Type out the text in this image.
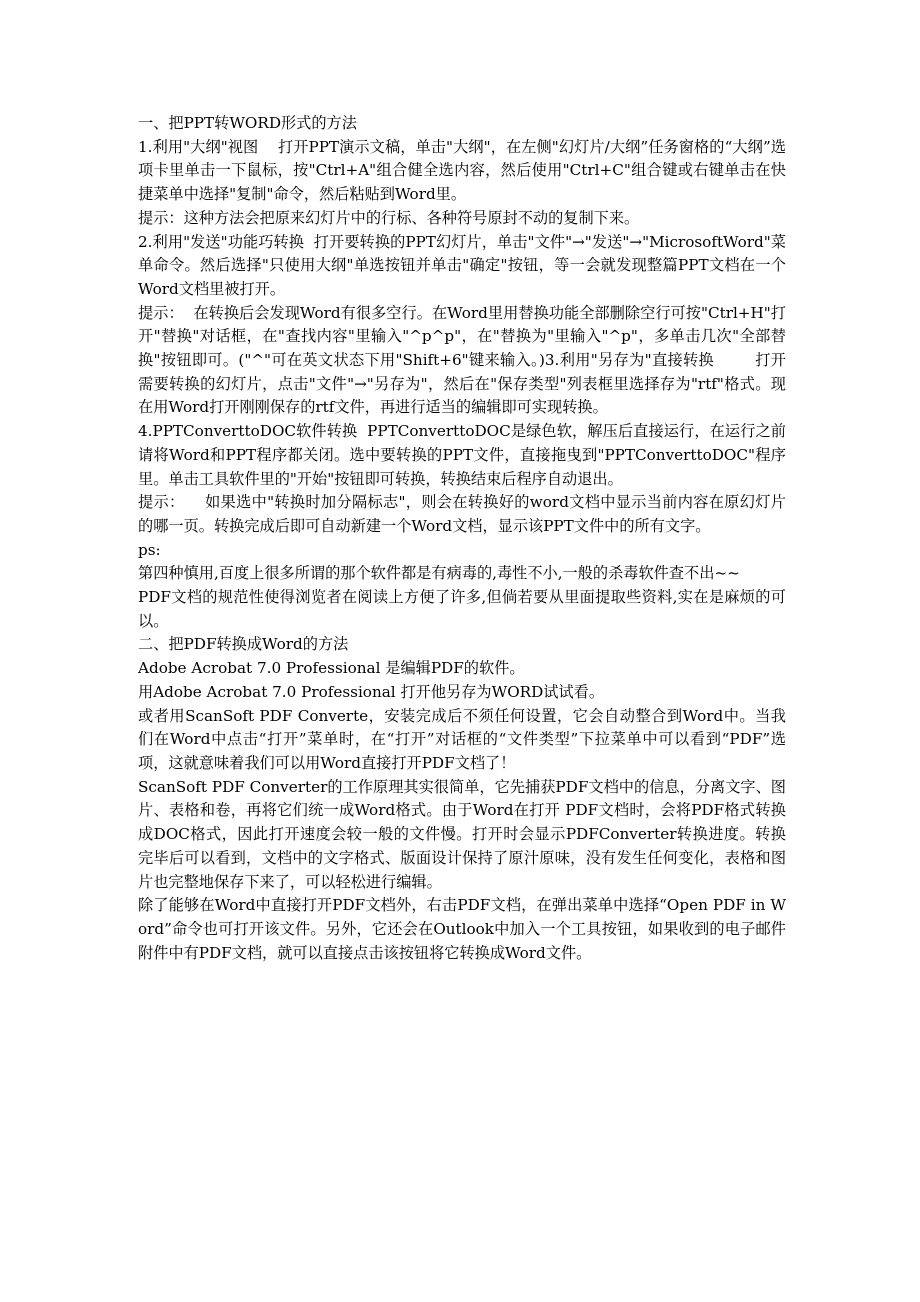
一、把PPT转WORD形式的方法

1.利用"大纲"视图    打开PPT演示文稿，单击"大纲"，在左侧"幻灯片/大纲”任务窗格的“大纲”选项卡里单击一下鼠标，按"Ctrl+A"组合健全选内容，然后使用"Ctrl+C"组合键或右键单击在快捷菜单中选择"复制"命令，然后粘贴到Word里。

提示：这种方法会把原来幻灯片中的行标、各种符号原封不动的复制下来。

2.利用"发送"功能巧转换  打开要转换的PPT幻灯片，单击"文件"→"发送"→"MicrosoftWord"菜单命令。然后选择"只使用大纲"单选按钮并单击"确定"按钮，等一会就发现整篇PPT文档在一个Word文档里被打开。

提示：  在转换后会发现Word有很多空行。在Word里用替换功能全部删除空行可按"Ctrl+H"打开"替换"对话框，在"查找内容"里输入"^p^p"，在"替换为"里输入"^p"，多单击几次"全部替换"按钮即可。("^"可在英文状态下用"Shift+6"键来输入。)3.利用"另存为"直接转换        打开需要转换的幻灯片，点击"文件"→"另存为"，然后在"保存类型"列表框里选择存为"rtf"格式。现在用Word打开刚刚保存的rtf文件，再进行适当的编辑即可实现转换。

4.PPTConverttoDOC软件转换  PPTConverttoDOC是绿色软，解压后直接运行，在运行之前请将Word和PPT程序都关闭。选中要转换的PPT文件，直接拖曳到"PPTConverttoDOC"程序里。单击工具软件里的"开始"按钮即可转换，转换结束后程序自动退出。

提示：    如果选中"转换时加分隔标志"，则会在转换好的word文档中显示当前内容在原幻灯片的哪一页。转换完成后即可自动新建一个Word文档，显示该PPT文件中的所有文字。

ps:

第四种慎用,百度上很多所谓的那个软件都是有病毒的,毒性不小,一般的杀毒软件查不出~~

PDF文档的规范性使得浏览者在阅读上方便了许多,但倘若要从里面提取些资料,实在是麻烦的可以。

二、把PDF转换成Word的方法

Adobe Acrobat 7.0 Professional 是编辑PDF的软件。

用Adobe Acrobat 7.0 Professional 打开他另存为WORD试试看。

或者用ScanSoft PDF Converte，安装完成后不须任何设置，它会自动整合到Word中。当我们在Word中点击“打开”菜单时，在“打开”对话框的“文件类型”下拉菜单中可以看到“PDF”选项，这就意味着我们可以用Word直接打开PDF文档了！

ScanSoft PDF Converter的工作原理其实很简单，它先捕获PDF文档中的信息，分离文字、图片、表格和卷，再将它们统一成Word格式。由于Word在打开 PDF文档时，会将PDF格式转换成DOC格式，因此打开速度会较一般的文件慢。打开时会显示PDFConverter转换进度。转换完毕后可以看到，文档中的文字格式、版面设计保持了原汁原味，没有发生任何变化，表格和图片也完整地保存下来了，可以轻松进行编辑。

除了能够在Word中直接打开PDF文档外，右击PDF文档，在弹出菜单中选择“Open PDF in Word”命令也可打开该文件。另外，它还会在Outlook中加入一个工具按钮，如果收到的电子邮件附件中有PDF文档，就可以直接点击该按钮将它转换成Word文件。
